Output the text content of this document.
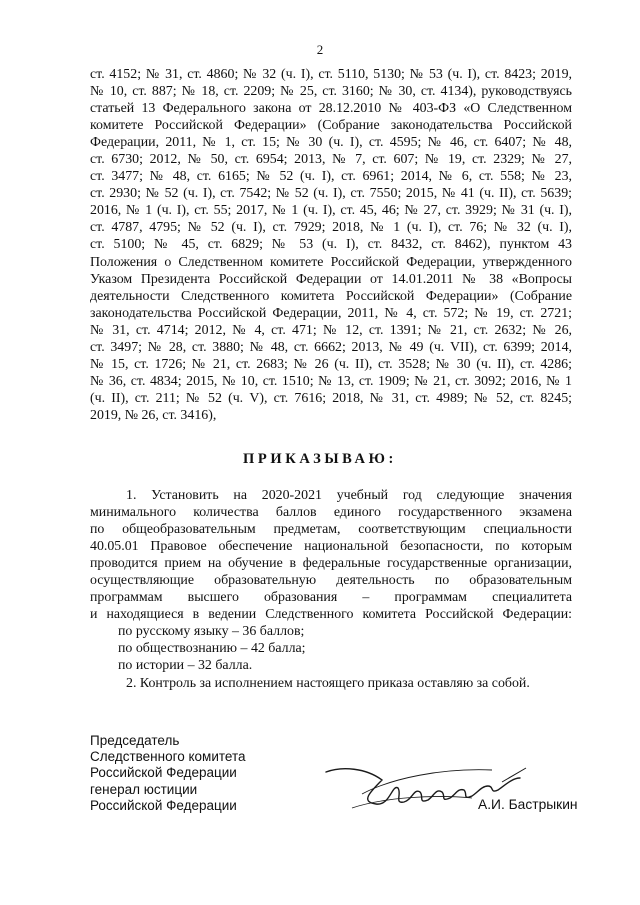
2
ст. 4152; № 31, ст. 4860; № 32 (ч. I), ст. 5110, 5130; № 53 (ч. I), ст. 8423; 2019,
№ 10, ст. 887; № 18, ст. 2209; № 25, ст. 3160; № 30, ст. 4134), руководствуясь
статьей 13 Федерального закона от 28.12.2010 № 403-ФЗ «О Следственном
комитете Российской Федерации» (Собрание законодательства Российской
Федерации, 2011, № 1, ст. 15; № 30 (ч. I), ст. 4595; № 46, ст. 6407; № 48,
ст. 6730; 2012, № 50, ст. 6954; 2013, № 7, ст. 607; № 19, ст. 2329; № 27,
ст. 3477; № 48, ст. 6165; № 52 (ч. I), ст. 6961; 2014, № 6, ст. 558; № 23,
ст. 2930; № 52 (ч. I), ст. 7542; № 52 (ч. I), ст. 7550; 2015, № 41 (ч. II), ст. 5639;
2016, № 1 (ч. I), ст. 55; 2017, № 1 (ч. I), ст. 45, 46; № 27, ст. 3929; № 31 (ч. I),
ст. 4787, 4795; № 52 (ч. I), ст. 7929; 2018, № 1 (ч. I), ст. 76; № 32 (ч. I),
ст. 5100; № 45, ст. 6829; № 53 (ч. I), ст. 8432, ст. 8462), пунктом 43
Положения о Следственном комитете Российской Федерации, утвержденного
Указом Президента Российской Федерации от 14.01.2011 № 38 «Вопросы
деятельности Следственного комитета Российской Федерации» (Собрание
законодательства Российской Федерации, 2011, № 4, ст. 572; № 19, ст. 2721;
№ 31, ст. 4714; 2012, № 4, ст. 471; № 12, ст. 1391; № 21, ст. 2632; № 26,
ст. 3497; № 28, ст. 3880; № 48, ст. 6662; 2013, № 49 (ч. VII), ст. 6399; 2014,
№ 15, ст. 1726; № 21, ст. 2683; № 26 (ч. II), ст. 3528; № 30 (ч. II), ст. 4286;
№ 36, ст. 4834; 2015, № 10, ст. 1510; № 13, ст. 1909; № 21, ст. 3092; 2016, № 1
(ч. II), ст. 211; № 52 (ч. V), ст. 7616; 2018, № 31, ст. 4989; № 52, ст. 8245;
2019, № 26, ст. 3416),
ПРИКАЗЫВАЮ:
1. Установить на 2020-2021 учебный год следующие значения
минимального количества баллов единого государственного экзамена
по общеобразовательным предметам, соответствующим специальности
40.05.01 Правовое обеспечение национальной безопасности, по которым
проводится прием на обучение в федеральные государственные организации,
осуществляющие образовательную деятельность по образовательным
программам высшего образования – программам специалитета
и находящиеся в ведении Следственного комитета Российской Федерации:
по русскому языку – 36 баллов;
по обществознанию – 42 балла;
по истории – 32 балла.
2. Контроль за исполнением настоящего приказа оставляю за собой.
Председатель
Следственного комитета
Российской Федерации
генерал юстиции
Российской Федерации	А.И. Бастрыкин
